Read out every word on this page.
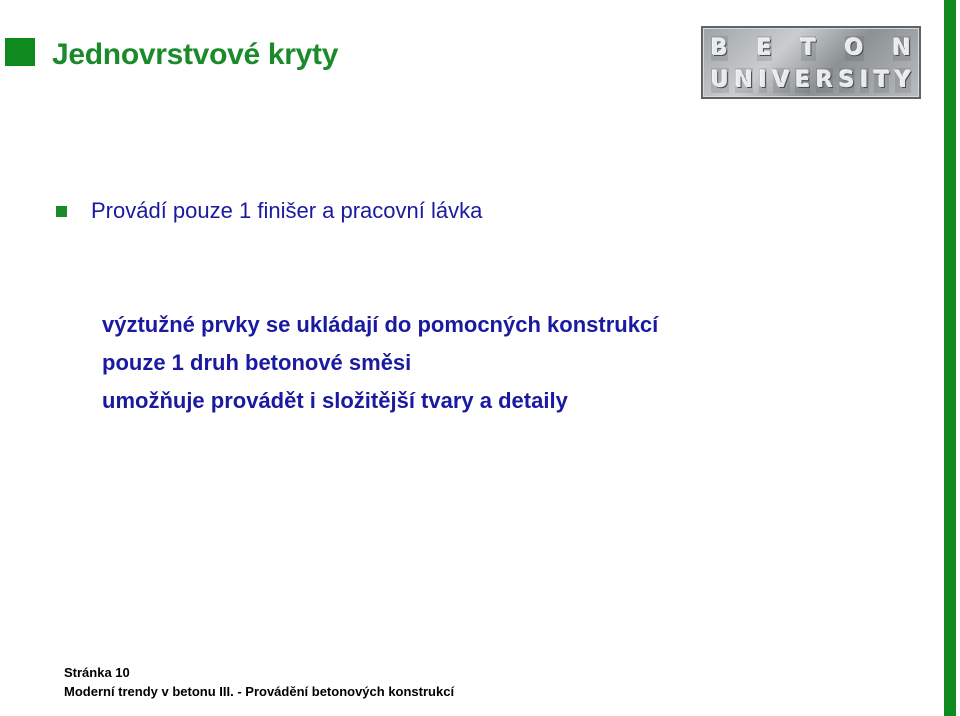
Jednovrstvové kryty	B E T O N
U N I V E R S I T Y
Provádí pouze 1 finišer a pracovní lávka
výztužné prvky se ukládají do pomocných konstrukcí
pouze 1 druh betonové směsi
umožňuje provádět i složitější tvary a detaily
Stránka 10
Moderní trendy v betonu III. - Provádění betonových konstrukcí
